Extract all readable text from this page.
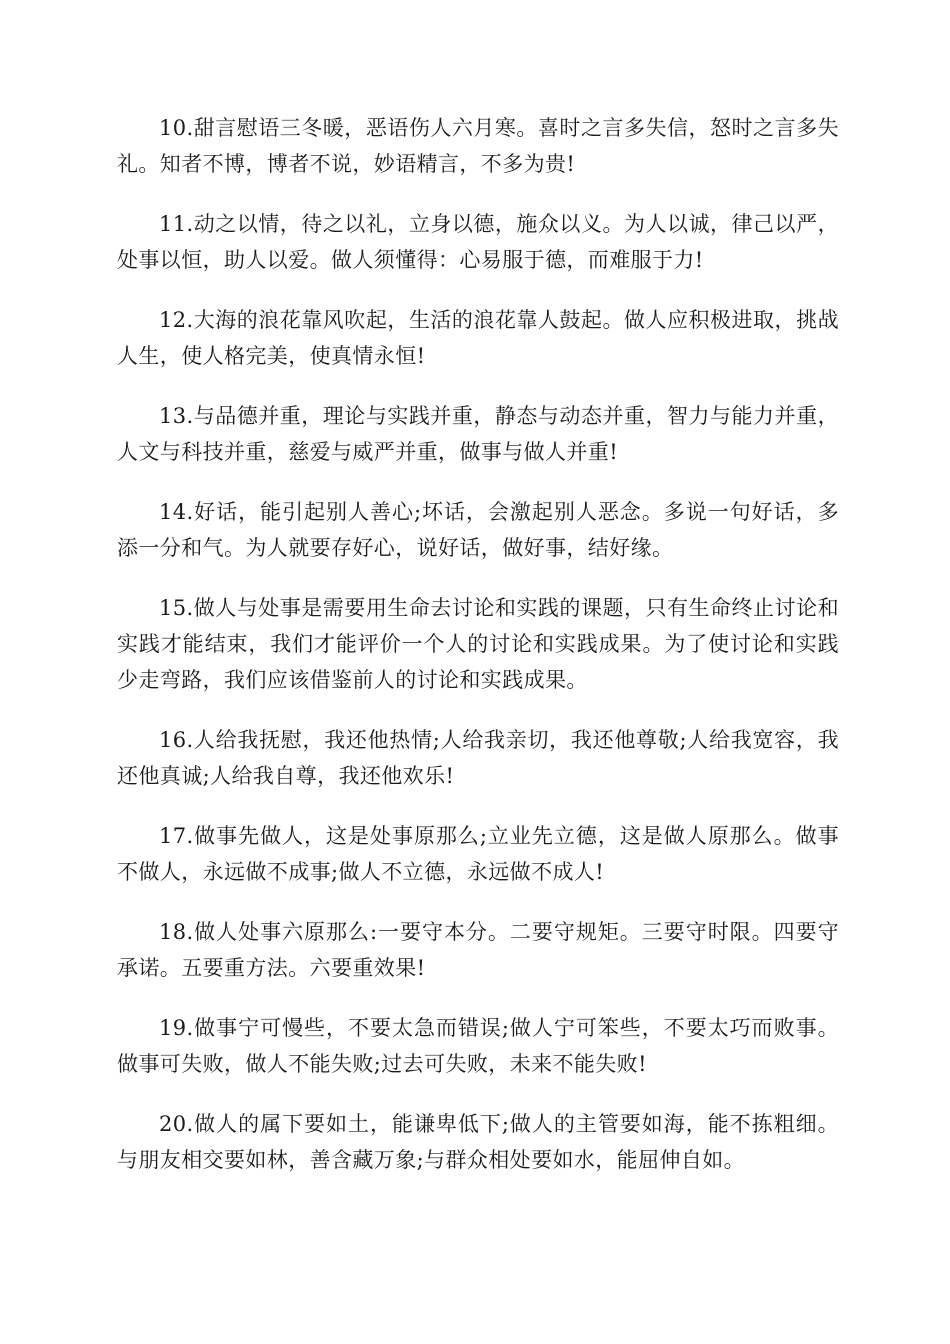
10.甜言慰语三冬暖，恶语伤人六月寒。喜时之言多失信，怒时之言多失礼。知者不博，博者不说，妙语精言，不多为贵!

11.动之以情，待之以礼，立身以德，施众以义。为人以诚，律己以严，处事以恒，助人以爱。做人须懂得：心易服于德，而难服于力!

12.大海的浪花靠风吹起，生活的浪花靠人鼓起。做人应积极进取，挑战人生，使人格完美，使真情永恒!

13.与品德并重，理论与实践并重，静态与动态并重，智力与能力并重，人文与科技并重，慈爱与威严并重，做事与做人并重!

14.好话，能引起别人善心;坏话，会激起别人恶念。多说一句好话，多添一分和气。为人就要存好心，说好话，做好事，结好缘。

15.做人与处事是需要用生命去讨论和实践的课题，只有生命终止讨论和实践才能结束，我们才能评价一个人的讨论和实践成果。为了使讨论和实践少走弯路，我们应该借鉴前人的讨论和实践成果。

16.人给我抚慰，我还他热情;人给我亲切，我还他尊敬;人给我宽容，我还他真诚;人给我自尊，我还他欢乐!

17.做事先做人，这是处事原那么;立业先立德，这是做人原那么。做事不做人，永远做不成事;做人不立德，永远做不成人!

18.做人处事六原那么:一要守本分。二要守规矩。三要守时限。四要守承诺。五要重方法。六要重效果!

19.做事宁可慢些，不要太急而错误;做人宁可笨些，不要太巧而败事。做事可失败，做人不能失败;过去可失败，未来不能失败!

20.做人的属下要如土，能谦卑低下;做人的主管要如海，能不拣粗细。与朋友相交要如林，善含藏万象;与群众相处要如水，能屈伸自如。
